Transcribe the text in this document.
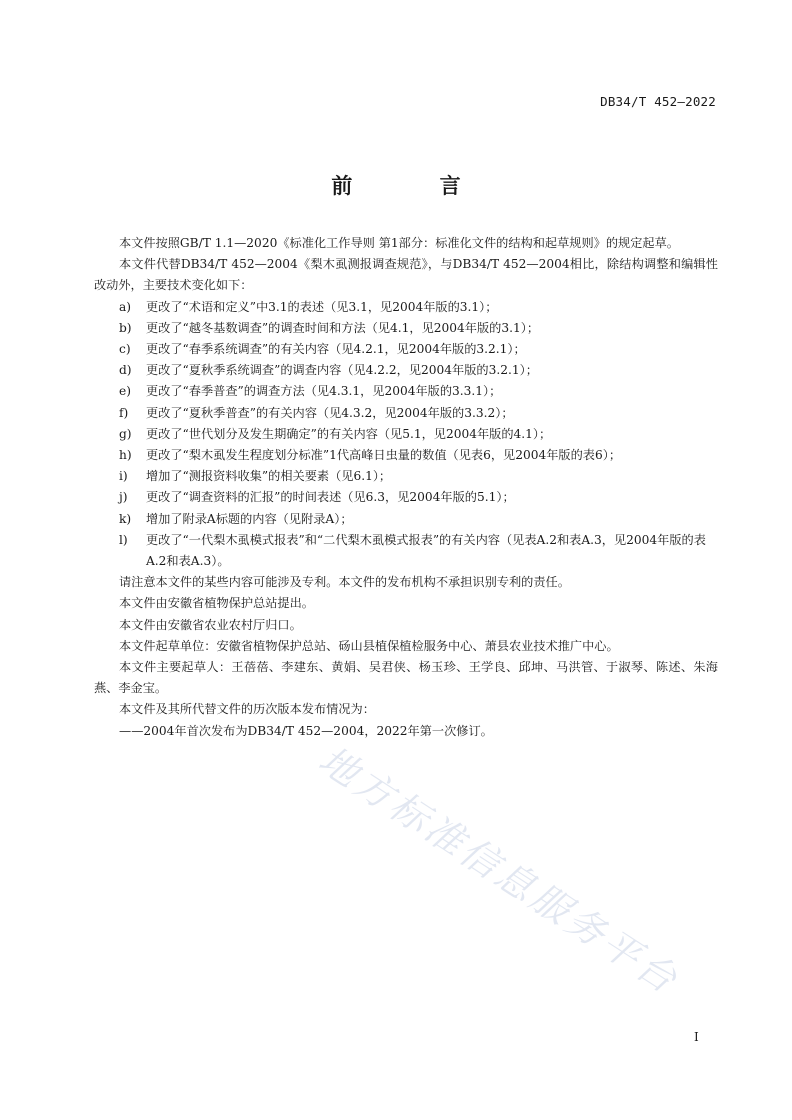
DB34/T 452—2022
前 言

本文件按照GB/T 1.1—2020《标准化工作导则 第1部分：标准化文件的结构和起草规则》的规定起草。

本文件代替DB34/T 452—2004《梨木虱测报调查规范》，与DB34/T 452—2004相比，除结构调整和编辑性改动外，主要技术变化如下：

a)	更改了“术语和定义”中3.1的表述（见3.1，见2004年版的3.1）；
b)	更改了“越冬基数调查”的调查时间和方法（见4.1，见2004年版的3.1）；
c)	更改了“春季系统调查”的有关内容（见4.2.1，见2004年版的3.2.1）；
d)	更改了“夏秋季系统调查”的调查内容（见4.2.2，见2004年版的3.2.1）；
e)	更改了“春季普查”的调查方法（见4.3.1，见2004年版的3.3.1）；
f)	更改了“夏秋季普查”的有关内容（见4.3.2，见2004年版的3.3.2）；
g)	更改了“世代划分及发生期确定”的有关内容（见5.1，见2004年版的4.1）；
h)	更改了“梨木虱发生程度划分标准”1代高峰日虫量的数值（见表6，见2004年版的表6）；
i)	增加了“测报资料收集”的相关要素（见6.1）；
j)	更改了“调查资料的汇报”的时间表述（见6.3，见2004年版的5.1）；
k)	增加了附录A标题的内容（见附录A）；
l)	更改了“一代梨木虱模式报表”和“二代梨木虱模式报表”的有关内容（见表A.2和表A.3，见2004年版的表A.2和表A.3）。

请注意本文件的某些内容可能涉及专利。本文件的发布机构不承担识别专利的责任。

本文件由安徽省植物保护总站提出。

本文件由安徽省农业农村厅归口。

本文件起草单位：安徽省植物保护总站、砀山县植保植检服务中心、萧县农业技术推广中心。

本文件主要起草人：王蓓蓓、李建东、黄娟、吴君侠、杨玉珍、王学良、邱坤、马洪管、于淑琴、陈述、朱海燕、李金宝。

本文件及其所代替文件的历次版本发布情况为：

——2004年首次发布为DB34/T 452—2004，2022年第一次修订。

地方标准信息服务平台
I
